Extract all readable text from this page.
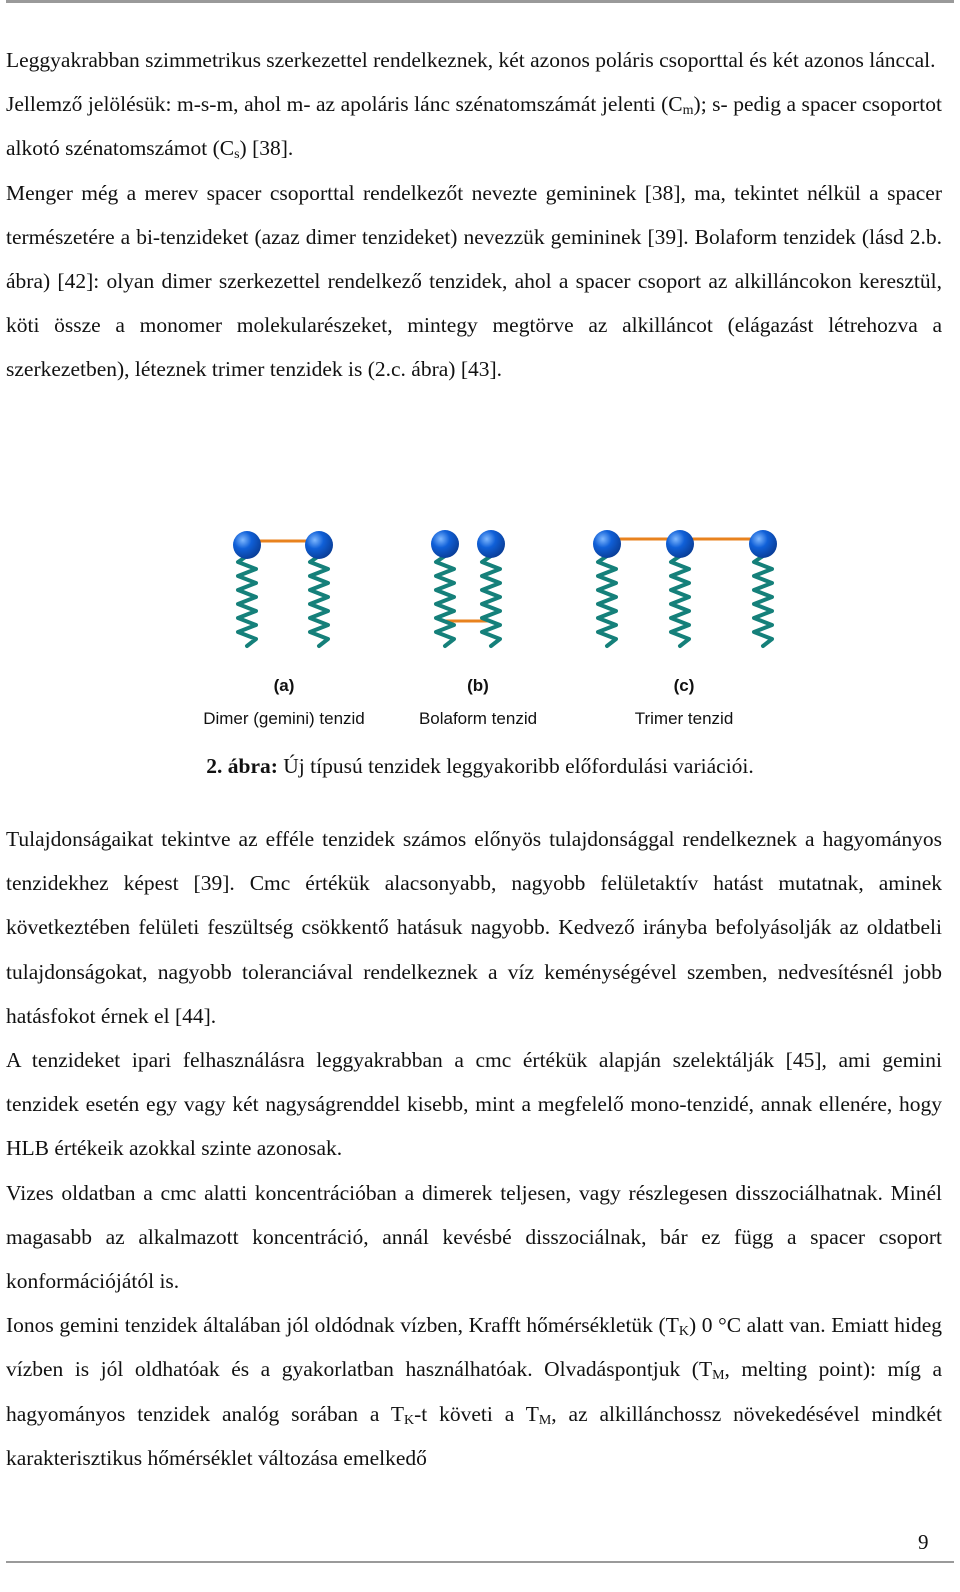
Leggyakrabban szimmetrikus szerkezettel rendelkeznek, két azonos poláris csoporttal és két azonos lánccal.

Jellemző jelölésük: m-s-m, ahol m- az apoláris lánc szénatomszámát jelenti $(C_m)$; s- pedig a spacer csoportot alkotó szénatomszámot $(C_s)$ [38].

Menger még a merev spacer csoporttal rendelkezőt nevezte gemininek [38], ma, tekintet nélkül a spacer természetére a bi-tenzideket (azaz dimer tenzideket) nevezzük gemininek [39]. Bolaform tenzidek (lásd 2.b. ábra) [42]: olyan dimer szerkezettel rendelkező tenzidek, ahol a spacer csoport az alkilláncokon keresztül, köti össze a monomer molekularészeket, mintegy megtörve az alkilláncot (elágazást létrehozva a szerkezetben), léteznek trimer tenzidek is (2.c. ábra) [43].

(a)	(b)	(c)
Dimer (gemini) tenzid	Bolaform tenzid	Trimer tenzid
2. ábra: Új típusú tenzidek leggyakoribb előfordulási variációi.

Tulajdonságaikat tekintve az efféle tenzidek számos előnyös tulajdonsággal rendelkeznek a hagyományos tenzidekhez képest [39]. Cmc értékük alacsonyabb, nagyobb felületaktív hatást mutatnak, aminek következtében felületi feszültség csökkentő hatásuk nagyobb. Kedvező irányba befolyásolják az oldatbeli tulajdonságokat, nagyobb toleranciával rendelkeznek a víz keménységével szemben, nedvesítésnél jobb hatásfokot érnek el [44].

A tenzideket ipari felhasználásra leggyakrabban a cmc értékük alapján szelektálják [45], ami gemini tenzidek esetén egy vagy két nagyságrenddel kisebb, mint a megfelelő mono-tenzidé, annak ellenére, hogy HLB értékeik azokkal szinte azonosak.

Vizes oldatban a cmc alatti koncentrációban a dimerek teljesen, vagy részlegesen disszociálhatnak. Minél magasabb az alkalmazott koncentráció, annál kevésbé disszociálnak, bár ez függ a spacer csoport konformációjától is.

Ionos gemini tenzidek általában jól oldódnak vízben, Krafft hőmérsékletük $(T_K)$ 0 °C alatt van. Emiatt hideg vízben is jól oldhatóak és a gyakorlatban használhatóak. Olvadáspontjuk ($T_M$, melting point): míg a hagyományos tenzidek analóg sorában a $T_K-t$ követi a $T_M$, az alkillánchossz növekedésével mindkét karakterisztikus hőmérséklet változása emelkedő

9
